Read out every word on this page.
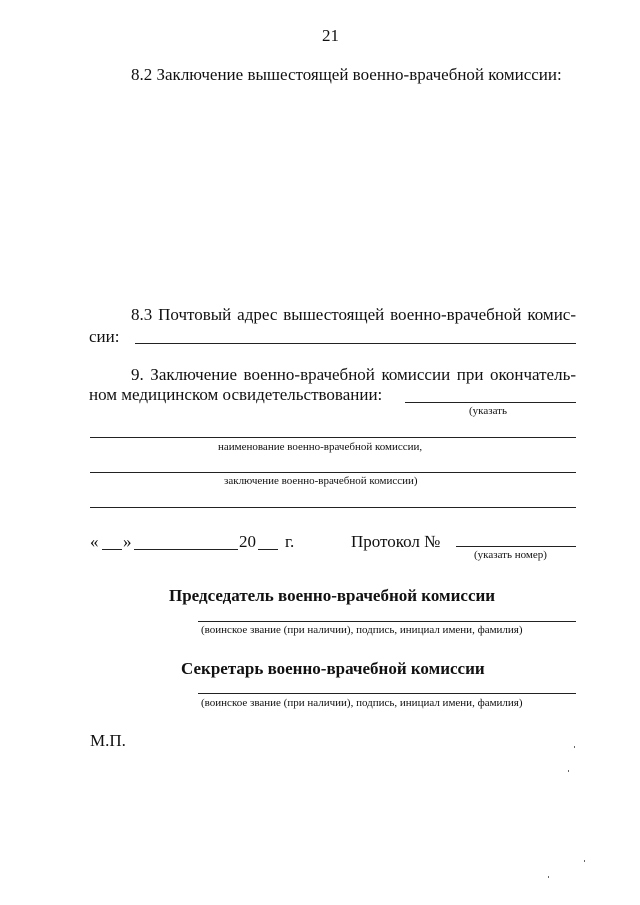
21
8.2 Заключение вышестоящей военно-врачебной комиссии:
8.3 Почтовый адрес вышестоящей военно-врачебной комис-
сии:
9. Заключение военно-врачебной комиссии при окончатель-
ном медицинском освидетельствовании:
(указать
наименование военно-врачебной комиссии,
заключение военно-врачебной комиссии)
« »	20 г.	Протокол №
(указать номер)
Председатель военно-врачебной комиссии
(воинское звание (при наличии), подпись, инициал имени, фамилия)
Секретарь военно-врачебной комиссии
(воинское звание (при наличии), подпись, инициал имени, фамилия)
М.П.
